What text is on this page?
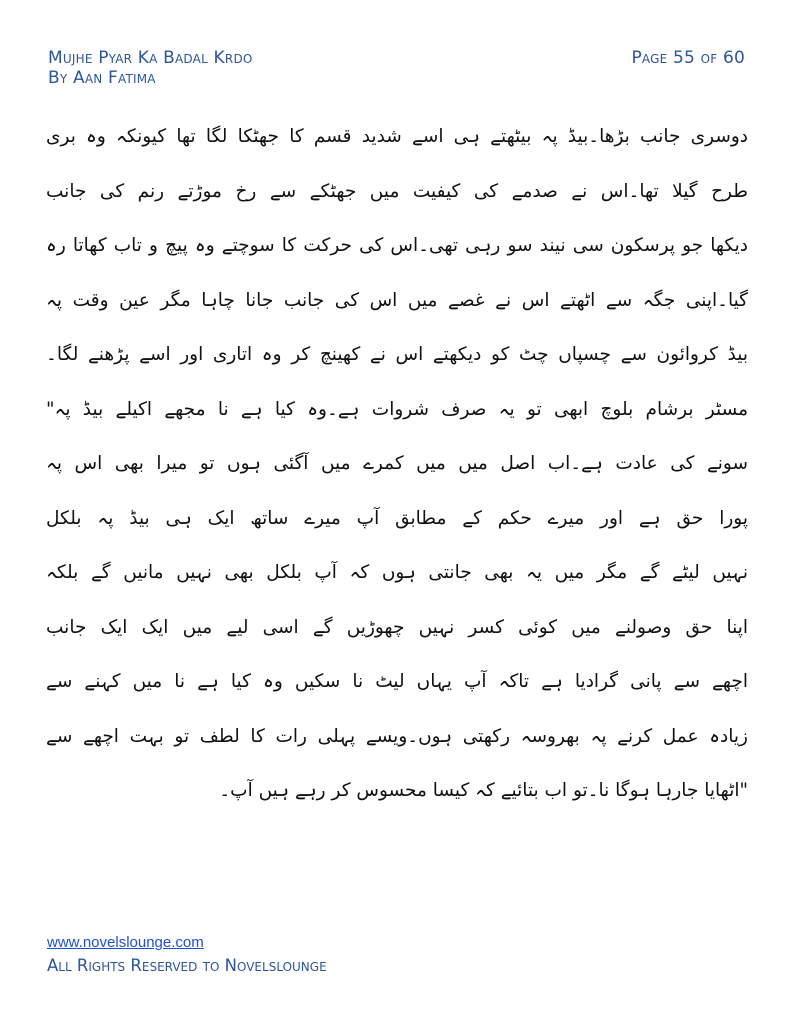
Mujhe Pyar Ka Badal Krdo
By Aan Fatima
Page 55 of 60
دوسری جانب بڑھا۔بیڈ پہ بیٹھتے ہی اسے شدید قسم کا جھٹکا لگا تھا کیونکہ وہ بری
طرح گیلا تھا۔اس نے صدمے کی کیفیت میں جھٹکے سے رخ موڑتے رنم کی جانب
دیکھا جو پرسکون سی نیند سو رہی تھی۔اس کی حرکت کا سوچتے وہ پیچ و تاب کھاتا رہ
گیا۔اپنی جگہ سے اٹھتے اس نے غصے میں اس کی جانب جانا چاہا مگر عین وقت پہ
بیڈ کروائون سے چسپاں چٹ کو دیکھتے اس نے کھینچ کر وہ اتاری اور اسے پڑھنے لگا۔
مسٹر برشام بلوچ ابھی تو یہ صرف شروات ہے۔وہ کیا ہے نا مجھے اکیلے بیڈ پہ"
سونے کی عادت ہے۔اب اصل میں میں کمرے میں آگئی ہوں تو میرا بھی اس پہ
پورا حق ہے اور میرے حکم کے مطابق آپ میرے ساتھ ایک ہی بیڈ پہ بلکل
نہیں لیٹے گے مگر میں یہ بھی جانتی ہوں کہ آپ بلکل بھی نہیں مانیں گے بلکہ
اپنا حق وصولنے میں کوئی کسر نہیں چھوڑیں گے اسی لیے میں ایک ایک جانب
اچھے سے پانی گرادیا ہے تاکہ آپ یہاں لیٹ نا سکیں وہ کیا ہے نا میں کہنے سے
زیادہ عمل کرنے پہ بھروسہ رکھتی ہوں۔ویسے پہلی رات کا لطف تو بہت اچھے سے
"اٹھایا جارہا ہوگا نا۔تو اب بتائیے کہ کیسا محسوس کر رہے ہیں آپ۔
www.novelslounge.com
All Rights Reserved to Novelslounge
